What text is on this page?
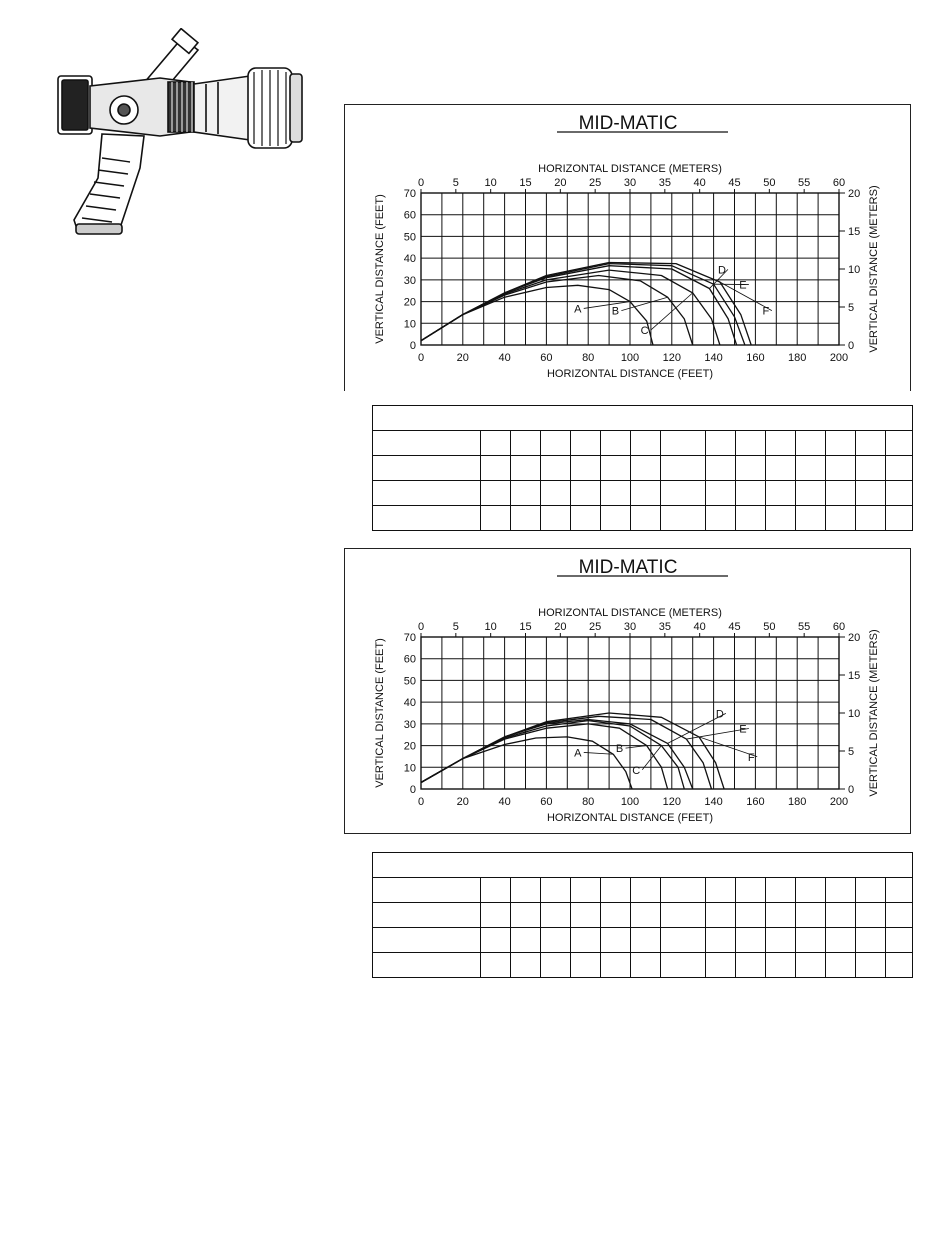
MID-MATIC
0	20	40	60	80 100 120 140 160 180 200
HORIZONTAL DISTANCE (FEET)
0	5 10 15 20 25 30 35 40 45 50 55 60
HORIZONTAL DISTANCE (METERS)
0
10
20
30
40
50
60
70
VERTICAL DISTANCE (FEET)
0
5
10
15
20 VERTICAL DISTANCE (METERS)
A	B
C
D
E
F

MID-MATIC
0	20	40	60	80 100 120 140 160 180 200
HORIZONTAL DISTANCE (FEET)
0	5 10 15 20 25 30 35 40 45 50 55 60
HORIZONTAL DISTANCE (METERS)
0
10
20
30
40
50
60
70
VERTICAL DISTANCE (FEET)
0
5
10
15
20 VERTICAL DISTANCE (METERS)
A	B
C
D
E
F
